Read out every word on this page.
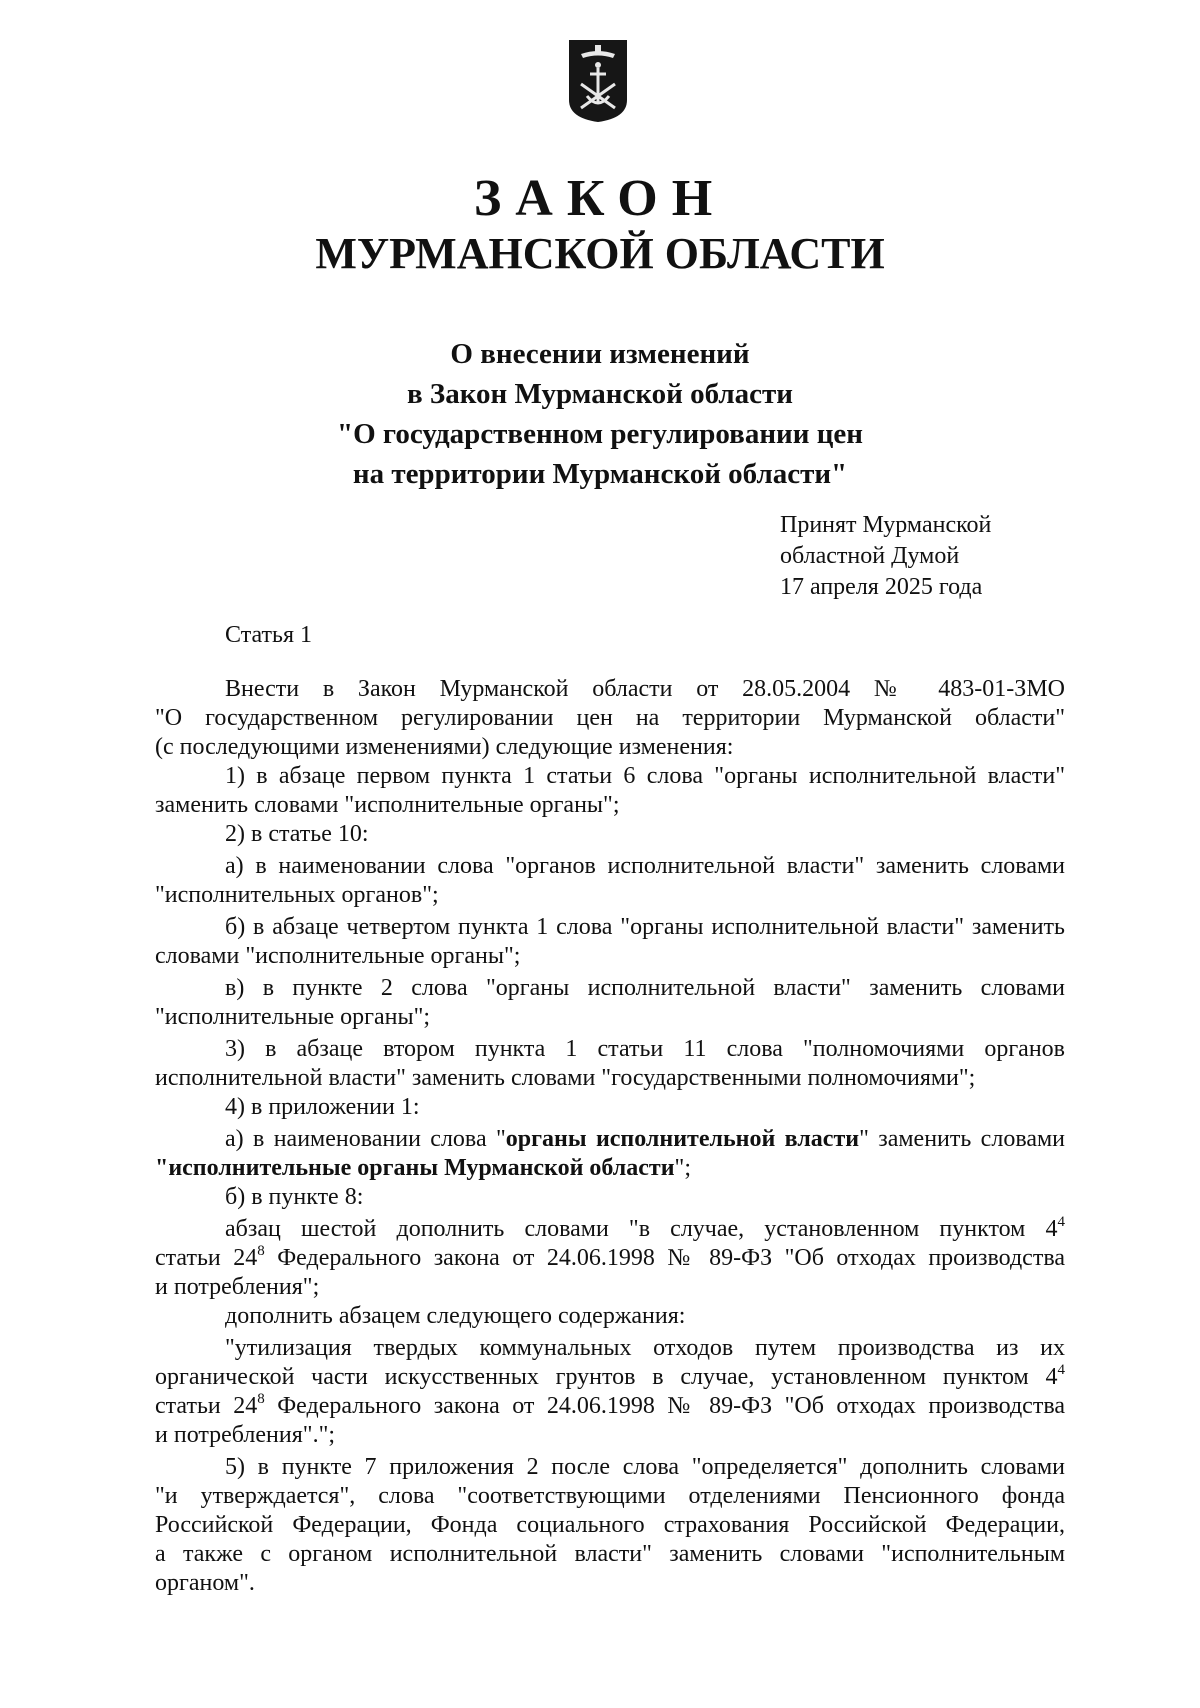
ЗАКОН
МУРМАНСКОЙ ОБЛАСТИ
О внесении изменений
в Закон Мурманской области
"О государственном регулировании цен
на территории Мурманской области"
Принят Мурманской
областной Думой
17 апреля 2025 года
Статья 1
Внести в Закон Мурманской области от 28.05.2004 № 483-01-ЗМО
"О государственном регулировании цен на территории Мурманской области"
(с последующими изменениями) следующие изменения:
1) в абзаце первом пункта 1 статьи 6 слова "органы исполнительной власти"
заменить словами "исполнительные органы";
2) в статье 10:
а) в наименовании слова "органов исполнительной власти" заменить словами
"исполнительных органов";
б) в абзаце четвертом пункта 1 слова "органы исполнительной власти" заменить
словами "исполнительные органы";
в) в пункте 2 слова "органы исполнительной власти" заменить словами
"исполнительные органы";
3) в абзаце втором пункта 1 статьи 11 слова "полномочиями органов
исполнительной власти" заменить словами "государственными полномочиями";
4) в приложении 1:
а) в наименовании слова "органы исполнительной власти" заменить словами
"исполнительные органы Мурманской области";
б) в пункте 8:
абзац шестой дополнить словами "в случае, установленном пунктом $4^4$
статьи $24^8$ Федерального закона от 24.06.1998 № 89-ФЗ "Об отходах производства
и потребления";
дополнить абзацем следующего содержания:
"утилизация твердых коммунальных отходов путем производства из их
органической части искусственных грунтов в случае, установленном пунктом $4^4$
статьи $24^8$ Федерального закона от 24.06.1998 № 89-ФЗ "Об отходах производства
и потребления".";
5) в пункте 7 приложения 2 после слова "определяется" дополнить словами
"и утверждается", слова "соответствующими отделениями Пенсионного фонда
Российской Федерации, Фонда социального страхования Российской Федерации,
а также с органом исполнительной власти" заменить словами "исполнительным
органом".
